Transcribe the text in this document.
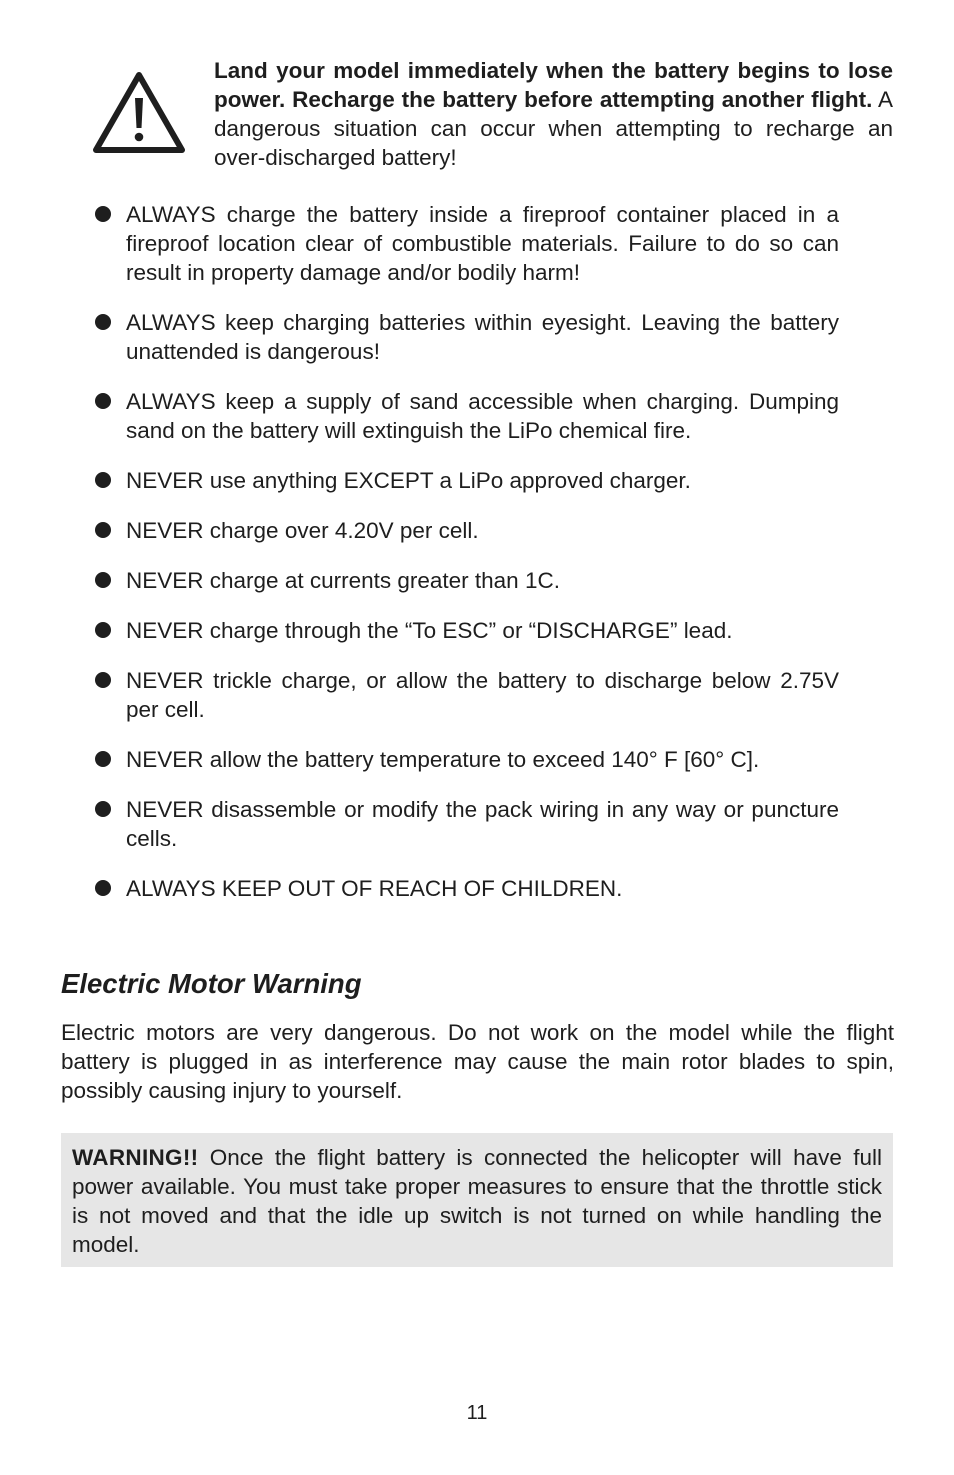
Land your model immediately when the battery begins to lose power. Recharge the battery before attempting another flight. A dangerous situation can occur when attempting to recharge an over-discharged battery!

ALWAYS charge the battery inside a fireproof container placed in a fireproof location clear of combustible materials. Failure to do so can result in property damage and/or bodily harm!
ALWAYS keep charging batteries within eyesight. Leaving the battery unattended is dangerous!
ALWAYS keep a supply of sand accessible when charging. Dumping sand on the battery will extinguish the LiPo chemical fire.
NEVER use anything EXCEPT a LiPo approved charger.
NEVER charge over 4.20V per cell.
NEVER charge at currents greater than 1C.
NEVER charge through the “To ESC” or “DISCHARGE” lead.
NEVER trickle charge, or allow the battery to discharge below 2.75V per cell.
NEVER allow the battery temperature to exceed 140° F [60° C].
NEVER disassemble or modify the pack wiring in any way or puncture cells.
ALWAYS KEEP OUT OF REACH OF CHILDREN.
Electric Motor Warning

Electric motors are very dangerous. Do not work on the model while the flight battery is plugged in as interference may cause the main rotor blades to spin, possibly causing injury to yourself.

WARNING!! Once the flight battery is connected the helicopter will have full power available. You must take proper measures to ensure that the throttle stick is not moved and that the idle up switch is not turned on while handling the model.

11
